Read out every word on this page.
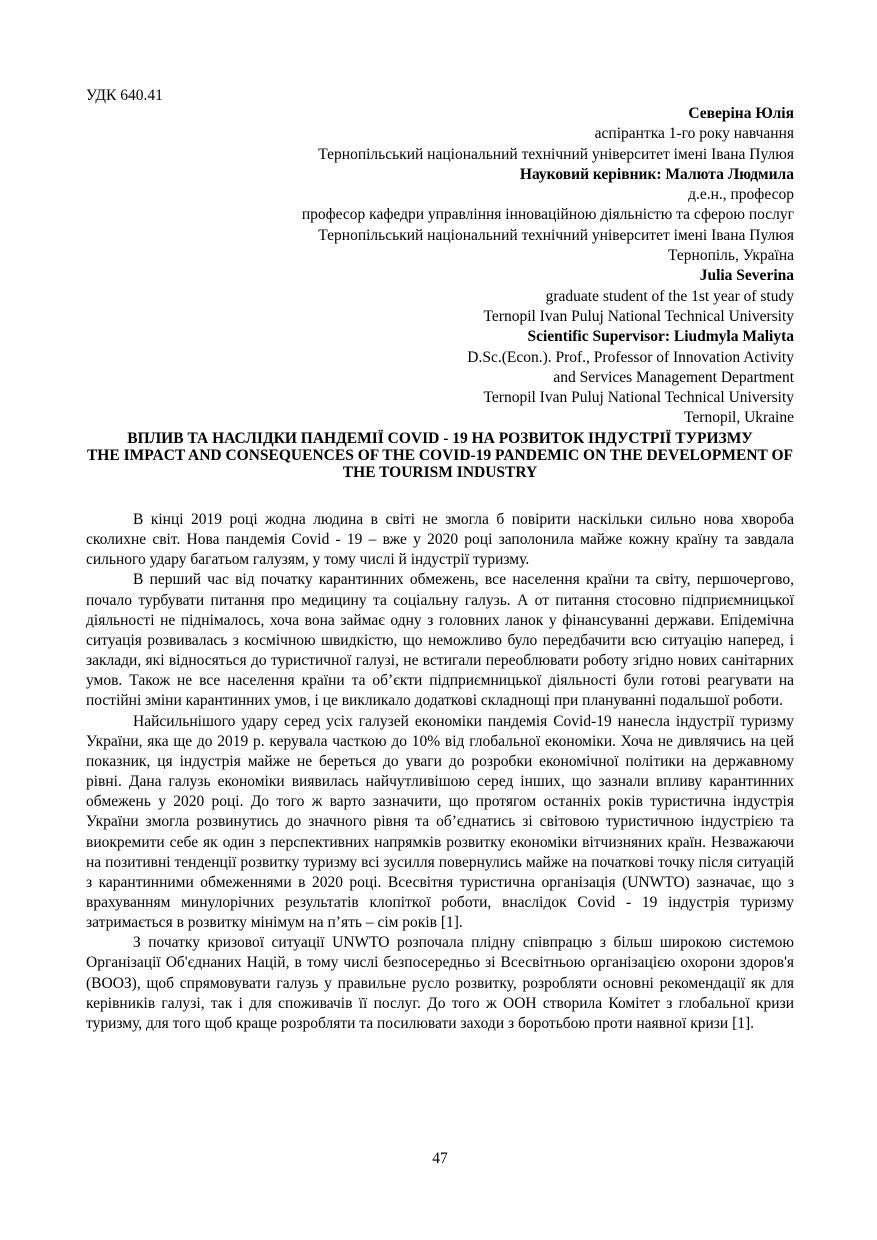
УДК 640.41
Северіна Юлія
аспірантка 1-го року навчання
Тернопільський національний технічний університет імені Івана Пулюя
Науковий керівник: Малюта Людмила
д.е.н., професор
професор кафедри управління інноваційною діяльністю та сферою послуг
Тернопільський національний технічний університет імені Івана Пулюя
Тернопіль, Україна
Julia Severina
graduate student of the 1st year of study
Ternopil Ivan Puluj National Technical University
Scientific Supervisor: Liudmyla Maliyta
D.Sc.(Econ.). Prof., Professor of Innovation Activity
and Services Management Department
Ternopil Ivan Puluj National Technical University
Ternopil, Ukraine
ВПЛИВ ТА НАСЛІДКИ ПАНДЕМІЇ COVID - 19 НА РОЗВИТОК ІНДУСТРІЇ ТУРИЗМУ
THE IMPACT AND CONSEQUENCES OF THE COVID-19 PANDEMIC ON THE DEVELOPMENT OF THE TOURISM INDUSTRY

В кінці 2019 році жодна людина в світі не змогла б повірити наскільки сильно нова хвороба сколихне світ. Нова пандемія Covid - 19 – вже у 2020 році заполонила майже кожну країну та завдала сильного удару багатьом галузям, у тому числі й індустрії туризму.

В перший час від початку карантинних обмежень, все населення країни та світу, першочергово, почало турбувати питання про медицину та соціальну галузь. А от питання стосовно підприємницької діяльності не піднімалось, хоча вона займає одну з головних ланок у фінансуванні держави. Епідемічна ситуація розвивалась з космічною швидкістю, що неможливо було передбачити всю ситуацію наперед, і заклади, які відносяться до туристичної галузі, не встигали переоблювати роботу згідно нових санітарних умов. Також не все населення країни та об’єкти підприємницької діяльності були готові реагувати на постійні зміни карантинних умов, і це викликало додаткові складнощі при плануванні подальшої роботи.

Найсильнішого удару серед усіх галузей економіки пандемія Covid-19 нанесла індустрії туризму України, яка ще до 2019 р. керувала часткою до 10% від глобальної економіки. Хоча не дивлячись на цей показник, ця індустрія майже не береться до уваги до розробки економічної політики на державному рівні. Дана галузь економіки виявилась найчутливішою серед інших, що зазнали впливу карантинних обмежень у 2020 році. До того ж варто зазначити, що протягом останніх років туристична індустрія України змогла розвинутись до значного рівня та об’єднатись зі світовою туристичною індустрією та виокремити себе як один з перспективних напрямків розвитку економіки вітчизняних країн. Незважаючи на позитивні тенденції розвитку туризму всі зусилля повернулись майже на початкові точку після ситуацій з карантинними обмеженнями в 2020 році. Всесвітня туристична організація (UNWTO) зазначає, що з врахуванням минулорічних результатів клопіткої роботи, внаслідок Covid - 19 індустрія туризму затримається в розвитку мінімум на п’ять – сім років [1].

З початку кризової ситуації UNWTO розпочала плідну співпрацю з більш широкою системою Організації Об'єднаних Націй, в тому числі безпосередньо зі Всесвітньою організацією охорони здоров'я (ВООЗ), щоб спрямовувати галузь у правильне русло розвитку, розробляти основні рекомендації як для керівників галузі, так і для споживачів її послуг. До того ж ООН створила Комітет з глобальної кризи туризму, для того щоб краще розробляти та посилювати заходи з боротьбою проти наявної кризи [1].

47
